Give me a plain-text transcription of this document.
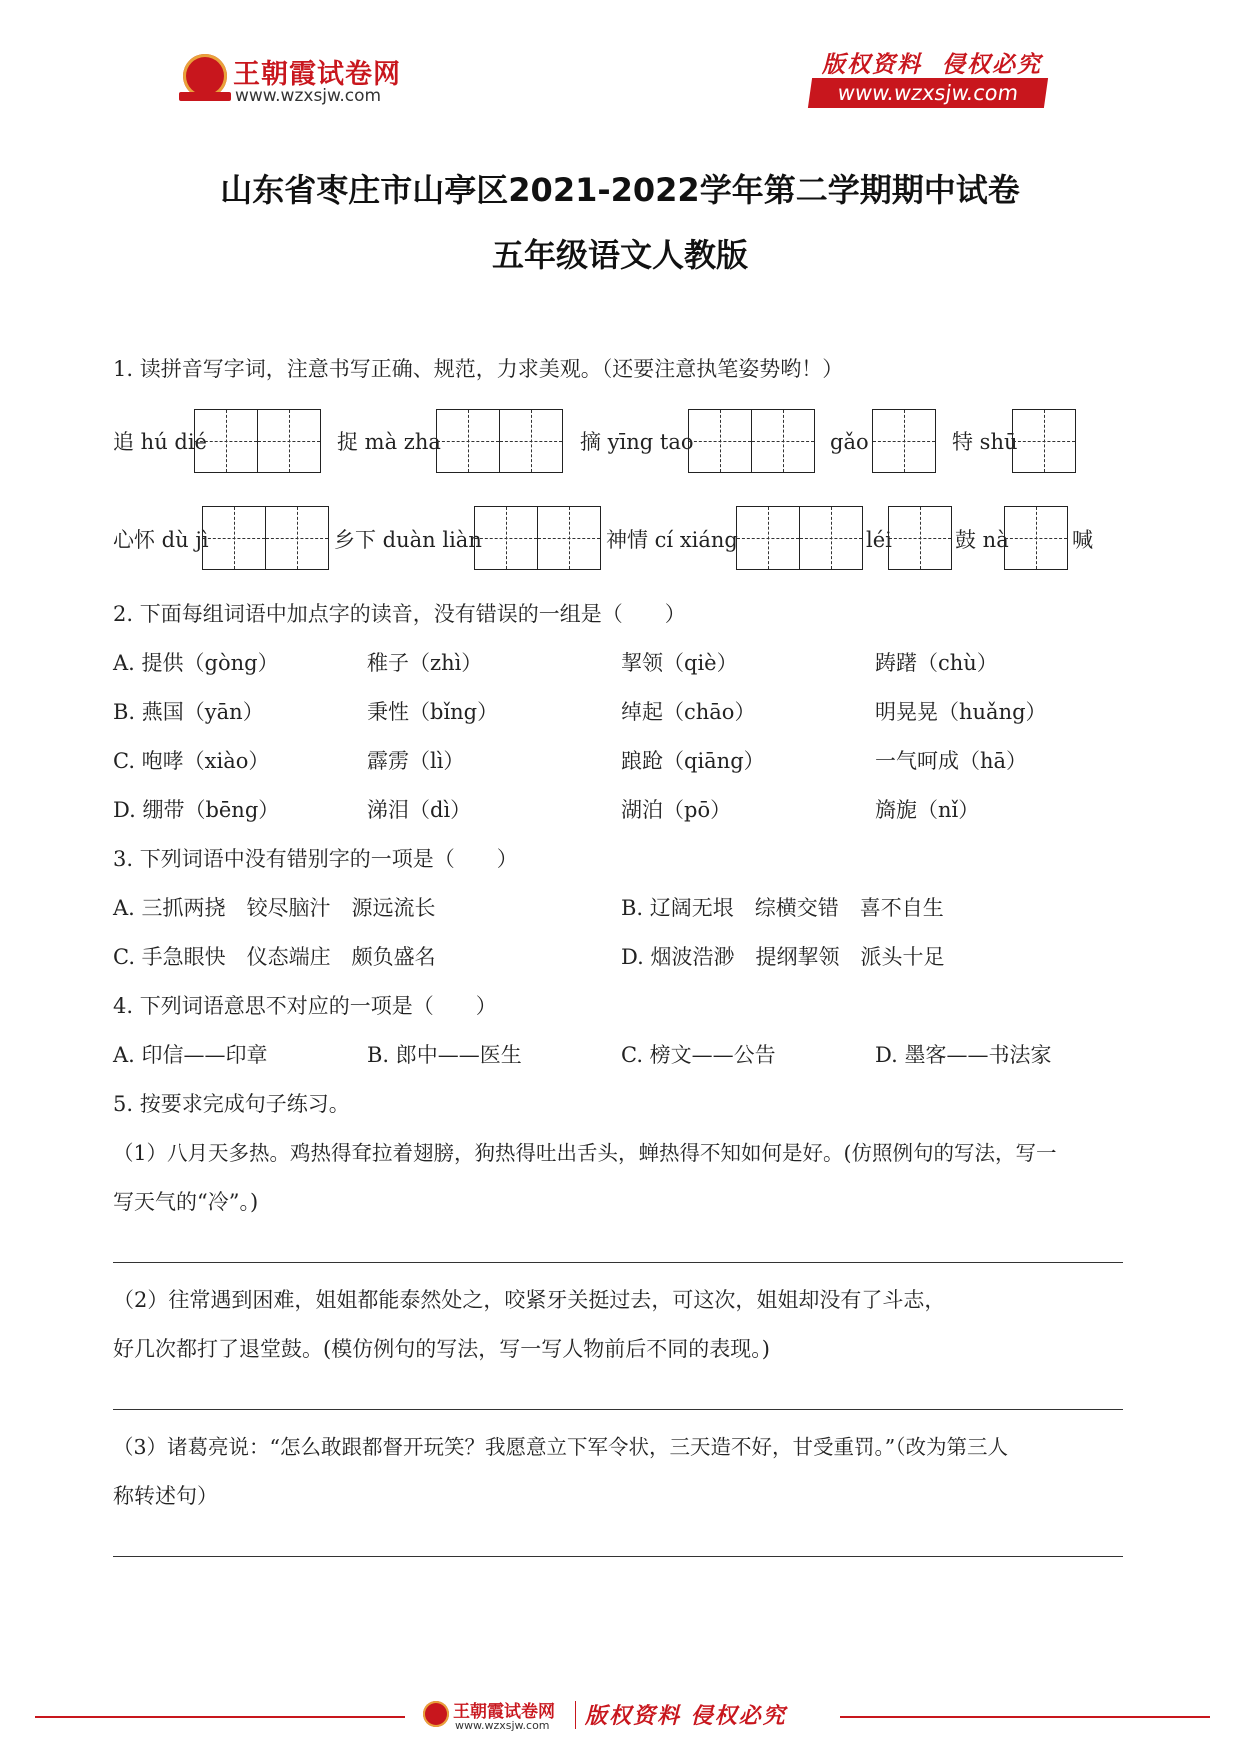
王朝霞试卷网
www.wzxsjw.com
版权资料  侵权必究
www.wzxsjw.com
山东省枣庄市山亭区2021-2022学年第二学期期中试卷
五年级语文人教版
1. 读拼音写字词，注意书写正确、规范，力求美观。（还要注意执笔姿势哟！）
追 hú dié	捉 mà zha	摘 yīng tao	gǎo	特 shū
心怀 dù jì	乡下 duàn liàn	神情 cí xiáng	léi	鼓 nà	喊
2. 下面每组词语中加点字的读音，没有错误的一组是（　　）
A. 提供（gòng）	稚子（zhì）	挈领（qiè）	踌躇（chù）
B. 燕国（yān）	秉性（bǐng）	绰起（chāo）	明晃晃（huǎng）
C. 咆哮（xiào）	霹雳（lì）	踉跄（qiāng）	一气呵成（hā）
D. 绷带（bēng）	涕泪（dì）	湖泊（pō）	旖旎（nǐ）
3. 下列词语中没有错别字的一项是（　　）
A. 三抓两挠　铰尽脑汁　源远流长	B. 辽阔无垠　综横交错　喜不自生
C. 手急眼快　仪态端庄　颇负盛名	D. 烟波浩渺　提纲挈领　派头十足
4. 下列词语意思不对应的一项是（　　）
A. 印信——印章	B. 郎中——医生	C. 榜文——公告	D. 墨客——书法家
5. 按要求完成句子练习。
（1）八月天多热。鸡热得耷拉着翅膀，狗热得吐出舌头，蝉热得不知如何是好。(仿照例句的写法，写一
写天气的“冷”。)
（2）往常遇到困难，姐姐都能泰然处之，咬紧牙关挺过去，可这次，姐姐却没有了斗志，
好几次都打了退堂鼓。(模仿例句的写法，写一写人物前后不同的表现。)
（3）诸葛亮说：“怎么敢跟都督开玩笑？我愿意立下军令状，三天造不好，甘受重罚。”（改为第三人
称转述句）
王朝霞试卷网
www.wzxsjw.com 版权资料 侵权必究
